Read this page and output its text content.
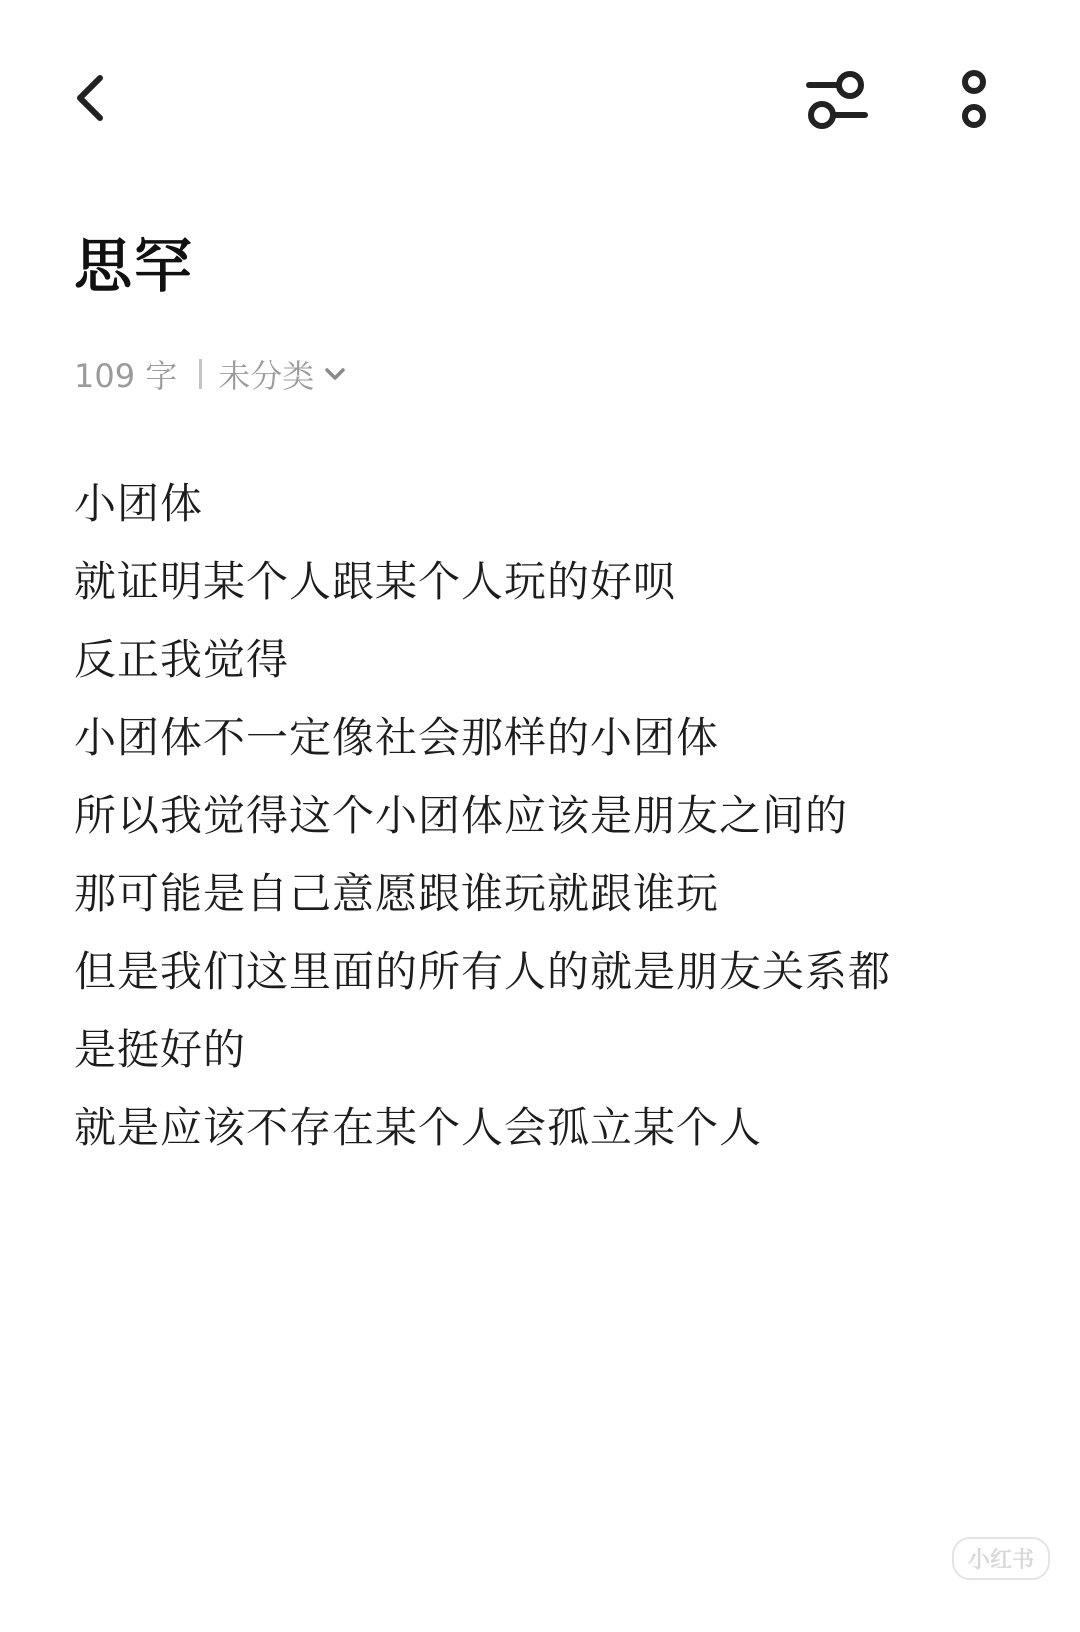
思罕
109 字 未分类
小团体
就证明某个人跟某个人玩的好呗
反正我觉得
小团体不一定像社会那样的小团体
所以我觉得这个小团体应该是朋友之间的
那可能是自己意愿跟谁玩就跟谁玩
但是我们这里面的所有人的就是朋友关系都
是挺好的
就是应该不存在某个人会孤立某个人
小红书
